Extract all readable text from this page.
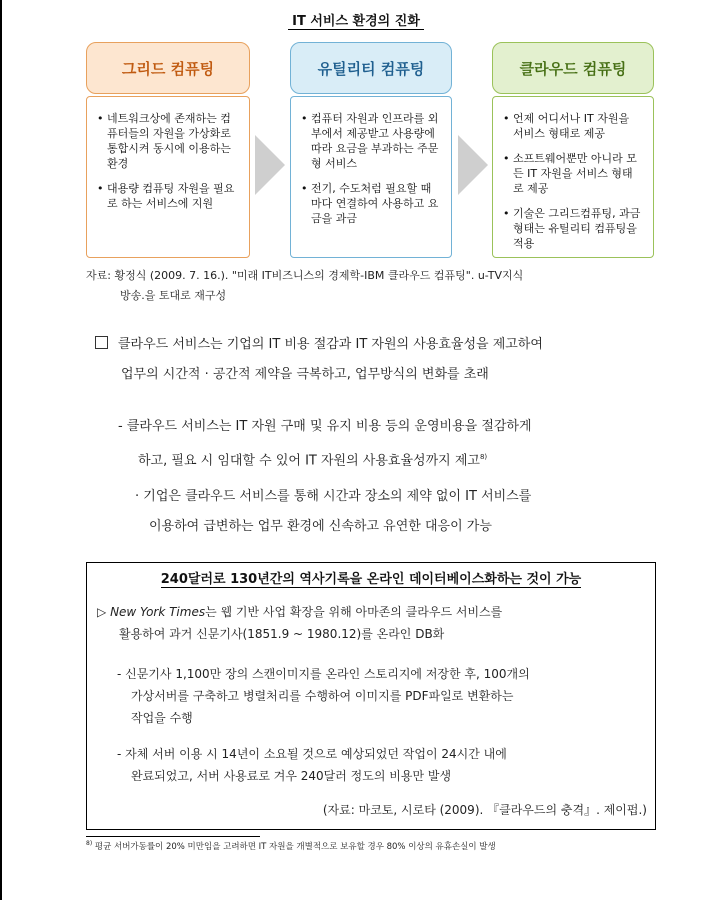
IT 서비스 환경의 진화
그리드 컴퓨팅
• 네트워크상에 존재하는 컴퓨터들의 자원을 가상화로 통합시켜 동시에 이용하는 환경
• 대용량 컴퓨팅 자원을 필요로 하는 서비스에 지원
유틸리티 컴퓨팅
• 컴퓨터 자원과 인프라를 외부에서 제공받고 사용량에 따라 요금을 부과하는 주문형 서비스
• 전기, 수도처럼 필요할 때마다 연결하여 사용하고 요금을 과금
클라우드 컴퓨팅
• 언제 어디서나 IT 자원을 서비스 형태로 제공
• 소프트웨어뿐만 아니라 모든 IT 자원을 서비스 형태로 제공
• 기술은 그리드컴퓨팅, 과금형태는 유틸리티 컴퓨팅을 적용
자료: 황정식 (2009. 7. 16.). "미래 IT비즈니스의 경제학-IBM 클라우드 컴퓨팅". u-TV지식
방송.을 토대로 재구성
클라우드 서비스는 기업의 IT 비용 절감과 IT 자원의 사용효율성을 제고하여
업무의 시간적 · 공간적 제약을 극복하고, 업무방식의 변화를 초래
- 클라우드 서비스는 IT 자원 구매 및 유지 비용 등의 운영비용을 절감하게
하고, 필요 시 임대할 수 있어 IT 자원의 사용효율성까지 제고$^{8)}$
· 기업은 클라우드 서비스를 통해 시간과 장소의 제약 없이 IT 서비스를
이용하여 급변하는 업무 환경에 신속하고 유연한 대응이 가능
240달러로 130년간의 역사기록을 온라인 데이터베이스화하는 것이 가능
▷ New York Times는 웹 기반 사업 확장을 위해 아마존의 클라우드 서비스를
활용하여 과거 신문기사(1851.9 ~ 1980.12)를 온라인 DB화
- 신문기사 1,100만 장의 스캔이미지를 온라인 스토리지에 저장한 후, 100개의
가상서버를 구축하고 병렬처리를 수행하여 이미지를 PDF파일로 변환하는
작업을 수행
- 자체 서버 이용 시 14년이 소요될 것으로 예상되었던 작업이 24시간 내에
완료되었고, 서버 사용료로 겨우 240달러 정도의 비용만 발생
(자료: 마코토, 시로타 (2009). 『클라우드의 충격』. 제이펍.)
$^{8)}$ 평균 서버가동률이 20% 미만임을 고려하면 IT 자원을 개별적으로 보유할 경우 80% 이상의 유휴손실이 발생
